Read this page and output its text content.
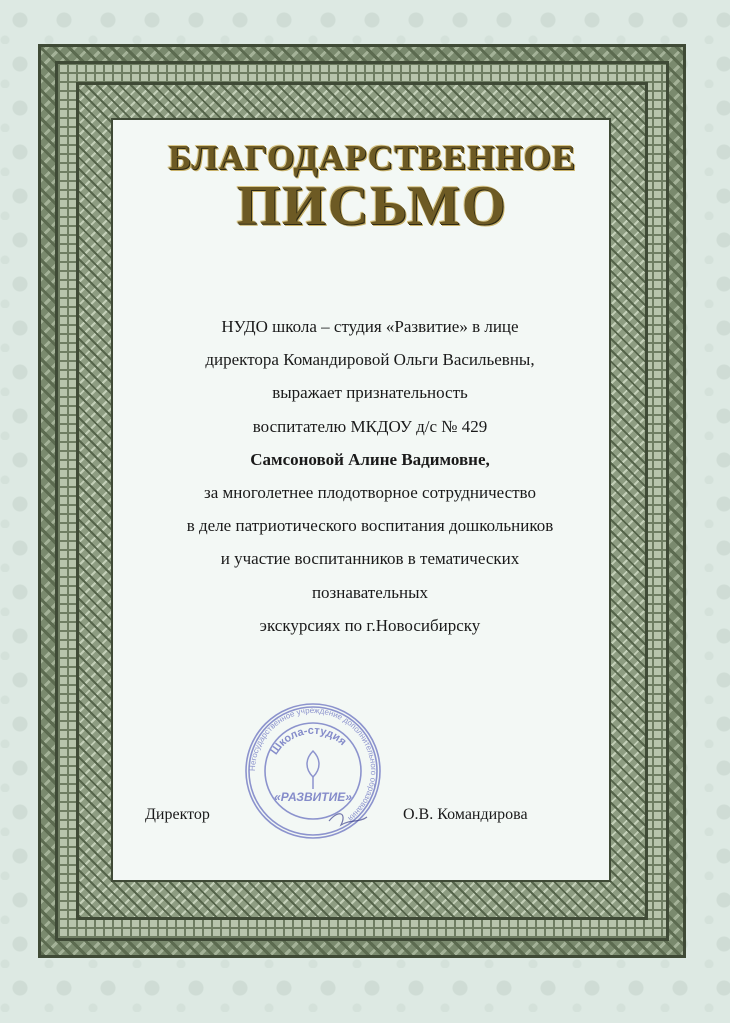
БЛАГОДАРСТВЕННОЕ
ПИСЬМО
НУДО школа – студия «Развитие» в лице
директора Командировой Ольги Васильевны,
выражает признательность
воспитателю МКДОУ д/с № 429
Самсоновой Алине Вадимовне,
за многолетнее плодотворное сотрудничество
в деле патриотического воспитания дошкольников
и участие воспитанников в тематических
познавательных
экскурсиях по г.Новосибирску
Негосударственное учреждение дополнительного образования
Школа-студия
«РАЗВИТИЕ»
Директор	О.В. Командирова
